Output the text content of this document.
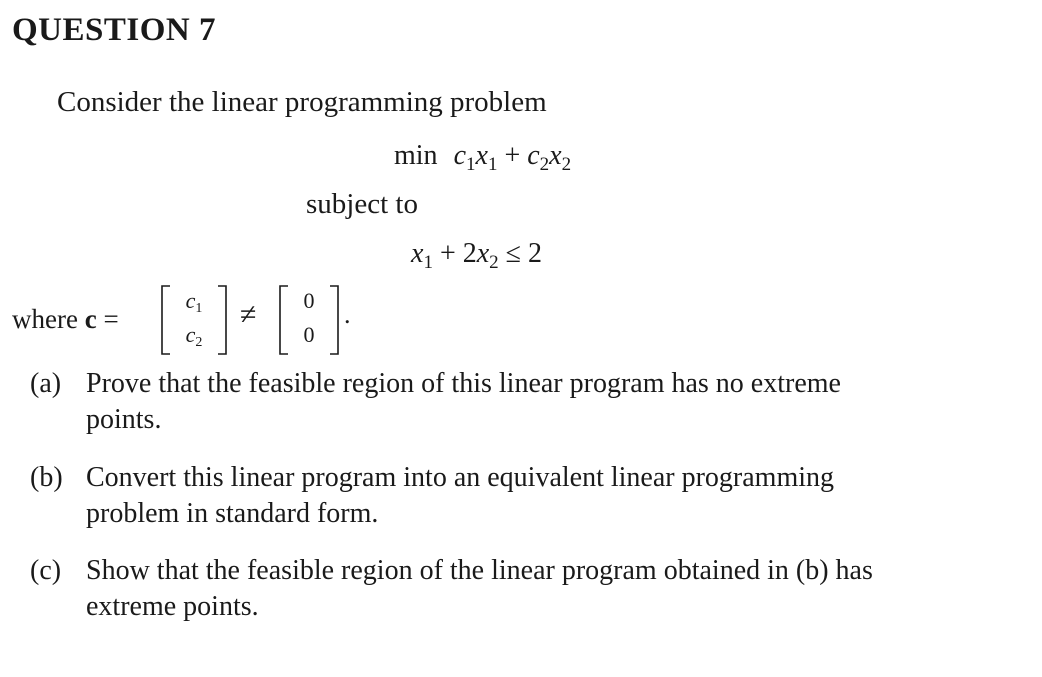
QUESTION 7
Consider the linear programming problem
$\min c_1x_1 + c_2x_2$
subject to
$x_1 + 2x_2 \le 2$
where c =
c1
c2
≠	0
0
.
(a) Prove that the feasible region of this linear program has no extreme
points.
(b) Convert this linear program into an equivalent linear programming
problem in standard form.
(c) Show that the feasible region of the linear program obtained in (b) has
extreme points.
